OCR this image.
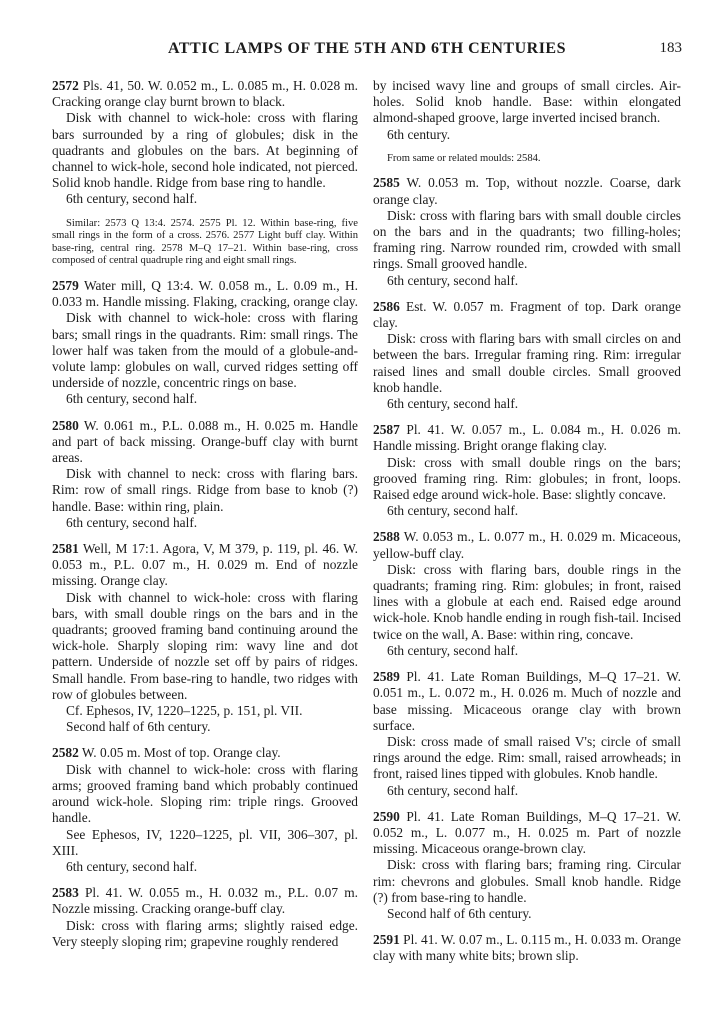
ATTIC LAMPS OF THE 5TH AND 6TH CENTURIES	183

2572 Pls. 41, 50. W. 0.052 m., L. 0.085 m., H. 0.028 m. Cracking orange clay burnt brown to black.

Disk with channel to wick-hole: cross with flaring bars surrounded by a ring of globules; disk in the quadrants and globules on the bars. At beginning of channel to wick-hole, second hole indicated, not pierced. Solid knob handle. Ridge from base ring to handle.

6th century, second half.

Similar: 2573 Q 13:4. 2574. 2575 Pl. 12. Within base-ring, five small rings in the form of a cross. 2576. 2577 Light buff clay. Within base-ring, central ring. 2578 M–Q 17–21. Within base-ring, cross composed of central quadruple ring and eight small rings.

2579 Water mill, Q 13:4. W. 0.058 m., L. 0.09 m., H. 0.033 m. Handle missing. Flaking, cracking, orange clay.

Disk with channel to wick-hole: cross with flaring bars; small rings in the quadrants. Rim: small rings. The lower half was taken from the mould of a globule-and-volute lamp: globules on wall, curved ridges setting off underside of nozzle, concentric rings on base.

6th century, second half.

2580 W. 0.061 m., P.L. 0.088 m., H. 0.025 m. Handle and part of back missing. Orange-buff clay with burnt areas.

Disk with channel to neck: cross with flaring bars. Rim: row of small rings. Ridge from base to knob (?) handle. Base: within ring, plain.

6th century, second half.

2581 Well, M 17:1. Agora, V, M 379, p. 119, pl. 46. W. 0.053 m., P.L. 0.07 m., H. 0.029 m. End of nozzle missing. Orange clay.

Disk with channel to wick-hole: cross with flaring bars, with small double rings on the bars and in the quadrants; grooved framing band continuing around the wick-hole. Sharply sloping rim: wavy line and dot pattern. Underside of nozzle set off by pairs of ridges. Small handle. From base-ring to handle, two ridges with row of globules between.

Cf. Ephesos, IV, 1220–1225, p. 151, pl. VII.

Second half of 6th century.

2582 W. 0.05 m. Most of top. Orange clay.

Disk with channel to wick-hole: cross with flaring arms; grooved framing band which probably continued around wick-hole. Sloping rim: triple rings. Grooved handle.

See Ephesos, IV, 1220–1225, pl. VII, 306–307, pl. XIII.

6th century, second half.

2583 Pl. 41. W. 0.055 m., H. 0.032 m., P.L. 0.07 m. Nozzle missing. Cracking orange-buff clay.

Disk: cross with flaring arms; slightly raised edge. Very steeply sloping rim; grapevine roughly rendered

by incised wavy line and groups of small circles. Air-holes. Solid knob handle. Base: within elongated almond-shaped groove, large inverted incised branch.

6th century.

From same or related moulds: 2584.

2585 W. 0.053 m. Top, without nozzle. Coarse, dark orange clay.

Disk: cross with flaring bars with small double circles on the bars and in the quadrants; two filling-holes; framing ring. Narrow rounded rim, crowded with small rings. Small grooved handle.

6th century, second half.

2586 Est. W. 0.057 m. Fragment of top. Dark orange clay.

Disk: cross with flaring bars with small circles on and between the bars. Irregular framing ring. Rim: irregular raised lines and small double circles. Small grooved knob handle.

6th century, second half.

2587 Pl. 41. W. 0.057 m., L. 0.084 m., H. 0.026 m. Handle missing. Bright orange flaking clay.

Disk: cross with small double rings on the bars; grooved framing ring. Rim: globules; in front, loops. Raised edge around wick-hole. Base: slightly concave.

6th century, second half.

2588 W. 0.053 m., L. 0.077 m., H. 0.029 m. Micaceous, yellow-buff clay.

Disk: cross with flaring bars, double rings in the quadrants; framing ring. Rim: globules; in front, raised lines with a globule at each end. Raised edge around wick-hole. Knob handle ending in rough fish-tail. Incised twice on the wall, A. Base: within ring, concave.

6th century, second half.

2589 Pl. 41. Late Roman Buildings, M–Q 17–21. W. 0.051 m., L. 0.072 m., H. 0.026 m. Much of nozzle and base missing. Micaceous orange clay with brown surface.

Disk: cross made of small raised V's; circle of small rings around the edge. Rim: small, raised arrowheads; in front, raised lines tipped with globules. Knob handle.

6th century, second half.

2590 Pl. 41. Late Roman Buildings, M–Q 17–21. W. 0.052 m., L. 0.077 m., H. 0.025 m. Part of nozzle missing. Micaceous orange-brown clay.

Disk: cross with flaring bars; framing ring. Circular rim: chevrons and globules. Small knob handle. Ridge (?) from base-ring to handle.

Second half of 6th century.

2591 Pl. 41. W. 0.07 m., L. 0.115 m., H. 0.033 m. Orange clay with many white bits; brown slip.
